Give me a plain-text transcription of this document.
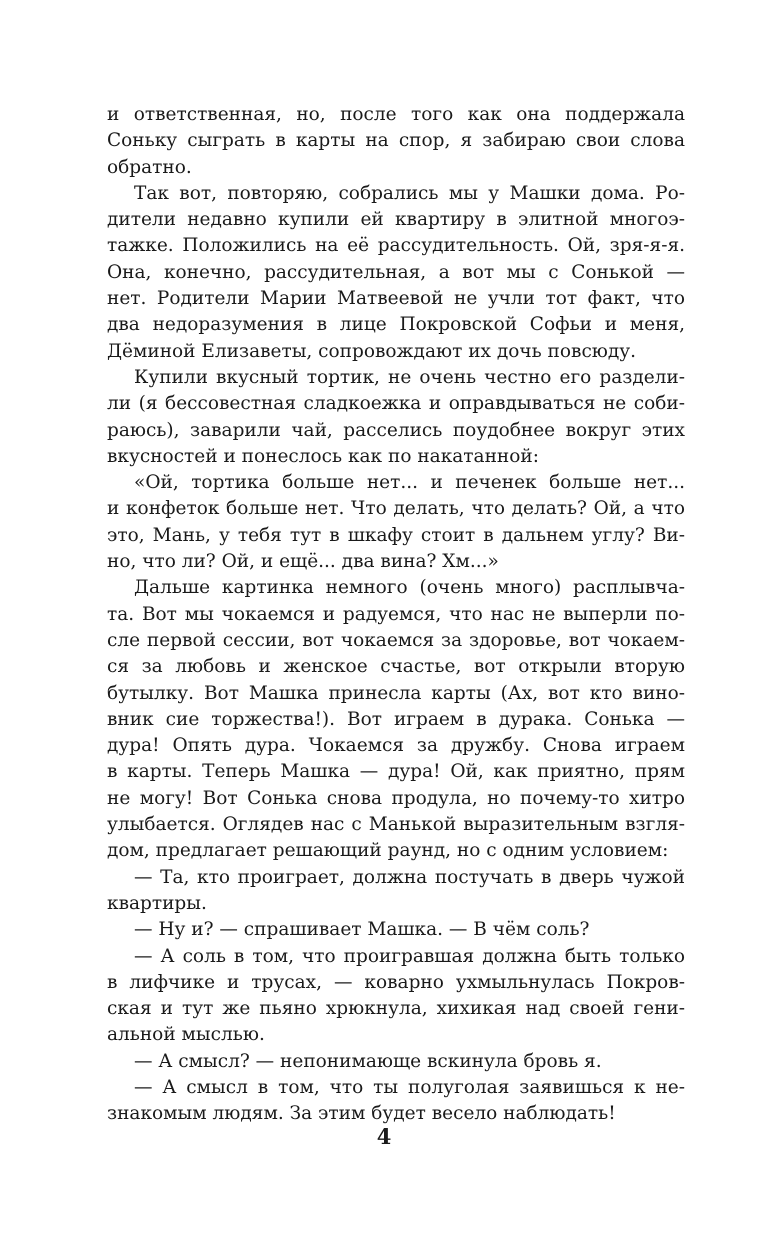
и ответственная, но, после того как она поддержала
Соньку сыграть в карты на спор, я забираю свои слова
обратно.
Так вот, повторяю, собрались мы у Машки дома. Ро-
дители недавно купили ей квартиру в элитной многоэ-
тажке. Положились на её рассудительность. Ой, зря-я-я.
Она, конечно, рассудительная, а вот мы с Сонькой —
нет. Родители Марии Матвеевой не учли тот факт, что
два недоразумения в лице Покровской Софьи и меня,
Дёминой Елизаветы, сопровождают их дочь повсюду.
Купили вкусный тортик, не очень честно его раздели-
ли (я бессовестная сладкоежка и оправдываться не соби-
раюсь), заварили чай, расселись поудобнее вокруг этих
вкусностей и понеслось как по накатанной:
«Ой, тортика больше нет... и печенек больше нет...
и конфеток больше нет. Что делать, что делать? Ой, а что
это, Мань, у тебя тут в шкафу стоит в дальнем углу? Ви-
но, что ли? Ой, и ещё... два вина? Хм...»
Дальше картинка немного (очень много) расплывча-
та. Вот мы чокаемся и радуемся, что нас не выперли по-
сле первой сессии, вот чокаемся за здоровье, вот чокаем-
ся за любовь и женское счастье, вот открыли вторую
бутылку. Вот Машка принесла карты (Ах, вот кто вино-
вник сие торжества!). Вот играем в дурака. Сонька —
дура! Опять дура. Чокаемся за дружбу. Снова играем
в карты. Теперь Машка — дура! Ой, как приятно, прям
не могу! Вот Сонька снова продула, но почему-то хитро
улыбается. Оглядев нас с Манькой выразительным взгля-
дом, предлагает решающий раунд, но с одним условием:
— Та, кто проиграет, должна постучать в дверь чужой
квартиры.
— Ну и? — спрашивает Машка. — В чём соль?
— А соль в том, что проигравшая должна быть только
в лифчике и трусах, — коварно ухмыльнулась Покров-
ская и тут же пьяно хрюкнула, хихикая над своей гени-
альной мыслью.
— А смысл? — непонимающе вскинула бровь я.
— А смысл в том, что ты полуголая заявишься к не-
знакомым людям. За этим будет весело наблюдать!
4
